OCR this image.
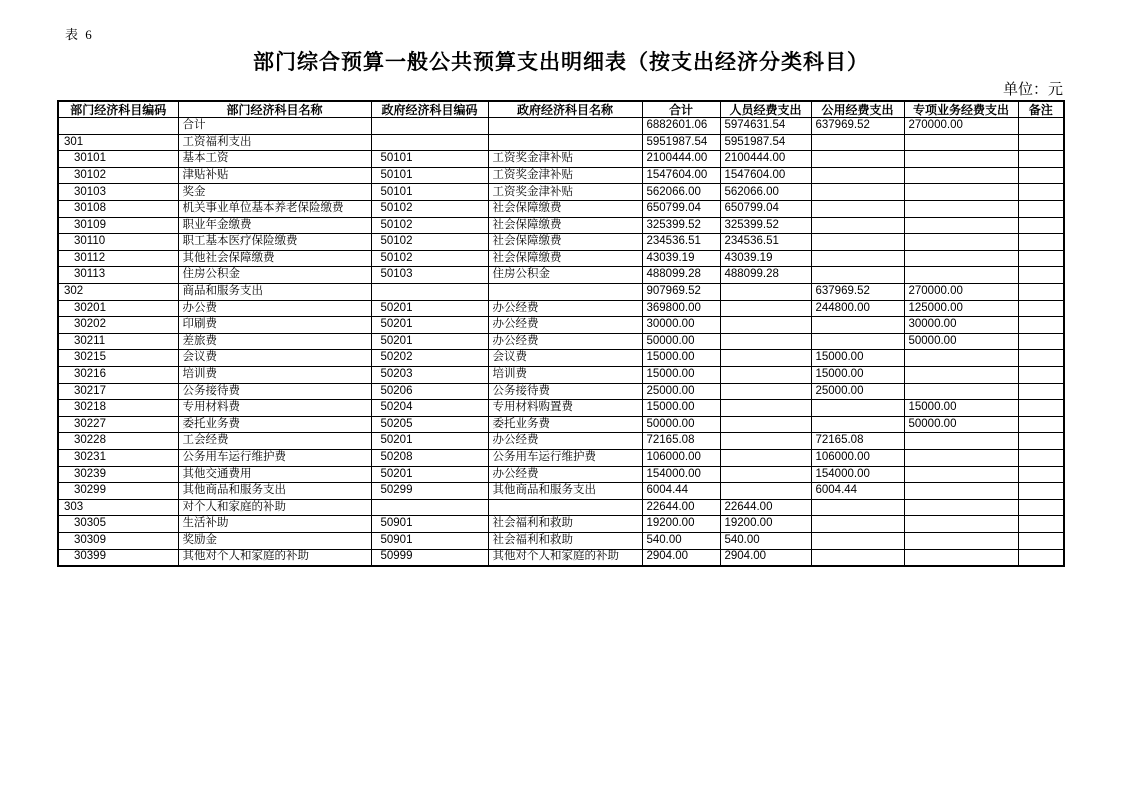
表 6
部门综合预算一般公共预算支出明细表（按支出经济分类科目）
单位：元
部门经济科目编码	部门经济科目名称	政府经济科目编码	政府经济科目名称	合计	人员经费支出	公用经费支出	专项业务经费支出	备注
	合计			6882601.06	5974631.54	637969.52	270000.00	
301	工资福利支出			5951987.54	5951987.54			
30101	基本工资	50101	工资奖金津补贴	2100444.00	2100444.00			
30102	津贴补贴	50101	工资奖金津补贴	1547604.00	1547604.00			
30103	奖金	50101	工资奖金津补贴	562066.00	562066.00			
30108	机关事业单位基本养老保险缴费	50102	社会保障缴费	650799.04	650799.04			
30109	职业年金缴费	50102	社会保障缴费	325399.52	325399.52			
30110	职工基本医疗保险缴费	50102	社会保障缴费	234536.51	234536.51			
30112	其他社会保障缴费	50102	社会保障缴费	43039.19	43039.19			
30113	住房公积金	50103	住房公积金	488099.28	488099.28			
302	商品和服务支出			907969.52		637969.52	270000.00	
30201	办公费	50201	办公经费	369800.00		244800.00	125000.00	
30202	印刷费	50201	办公经费	30000.00			30000.00	
30211	差旅费	50201	办公经费	50000.00			50000.00	
30215	会议费	50202	会议费	15000.00		15000.00		
30216	培训费	50203	培训费	15000.00		15000.00		
30217	公务接待费	50206	公务接待费	25000.00		25000.00		
30218	专用材料费	50204	专用材料购置费	15000.00			15000.00	
30227	委托业务费	50205	委托业务费	50000.00			50000.00	
30228	工会经费	50201	办公经费	72165.08		72165.08		
30231	公务用车运行维护费	50208	公务用车运行维护费	106000.00		106000.00		
30239	其他交通费用	50201	办公经费	154000.00		154000.00		
30299	其他商品和服务支出	50299	其他商品和服务支出	6004.44		6004.44		
303	对个人和家庭的补助			22644.00	22644.00			
30305	生活补助	50901	社会福利和救助	19200.00	19200.00			
30309	奖励金	50901	社会福利和救助	540.00	540.00			
30399	其他对个人和家庭的补助	50999	其他对个人和家庭的补助	2904.00	2904.00			
